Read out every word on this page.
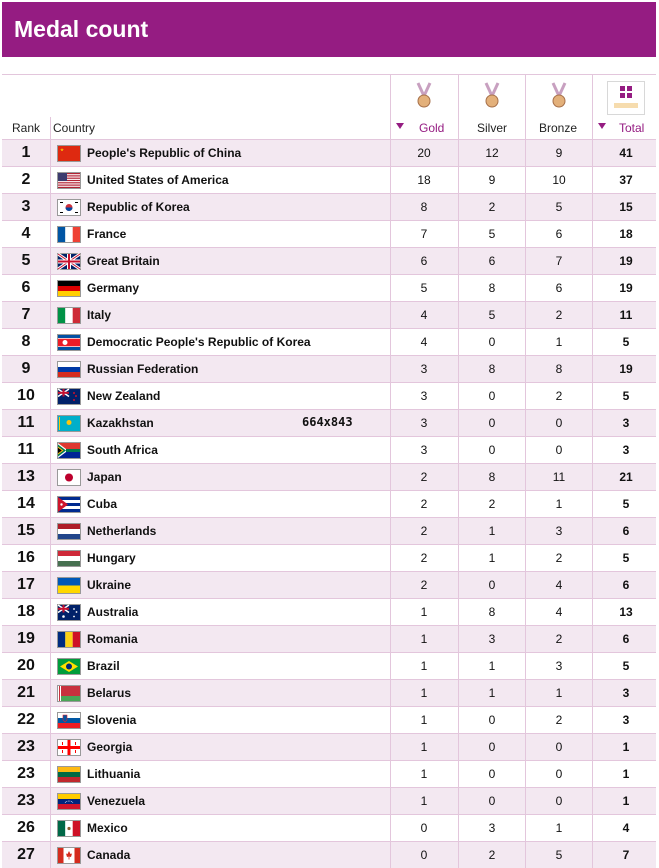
Medal count
Rank Country	Gold	Silver	Bronze	Total
1	People's Republic of China	20	12	9	41
2	United States of America	18	9	10	37
3	Republic of Korea	8	2	5	15
4	France	7	5	6	18
5	Great Britain	6	6	7	19
6	Germany	5	8	6	19
7	Italy	4	5	2	11
8	Democratic People's Republic of Korea	4	0	1	5
9	Russian Federation	3	8	8	19
10	New Zealand	3	0	2	5
11	Kazakhstan	3	0	0	3
11	South Africa	3	0	0	3
13	Japan	2	8	11	21
14	Cuba	2	2	1	5
15	Netherlands	2	1	3	6
16	Hungary	2	1	2	5
17	Ukraine	2	0	4	6
18	Australia	1	8	4	13
19	Romania	1	3	2	6
20	Brazil	1	1	3	5
21	Belarus	1	1	1	3
22	Slovenia	1	0	2	3
23	Georgia	1	0	0	1
23	Lithuania	1	0	0	1
23	Venezuela	1	0	0	1
26	Mexico	0	3	1	4
27	Canada	0	2	5	7
664x843
